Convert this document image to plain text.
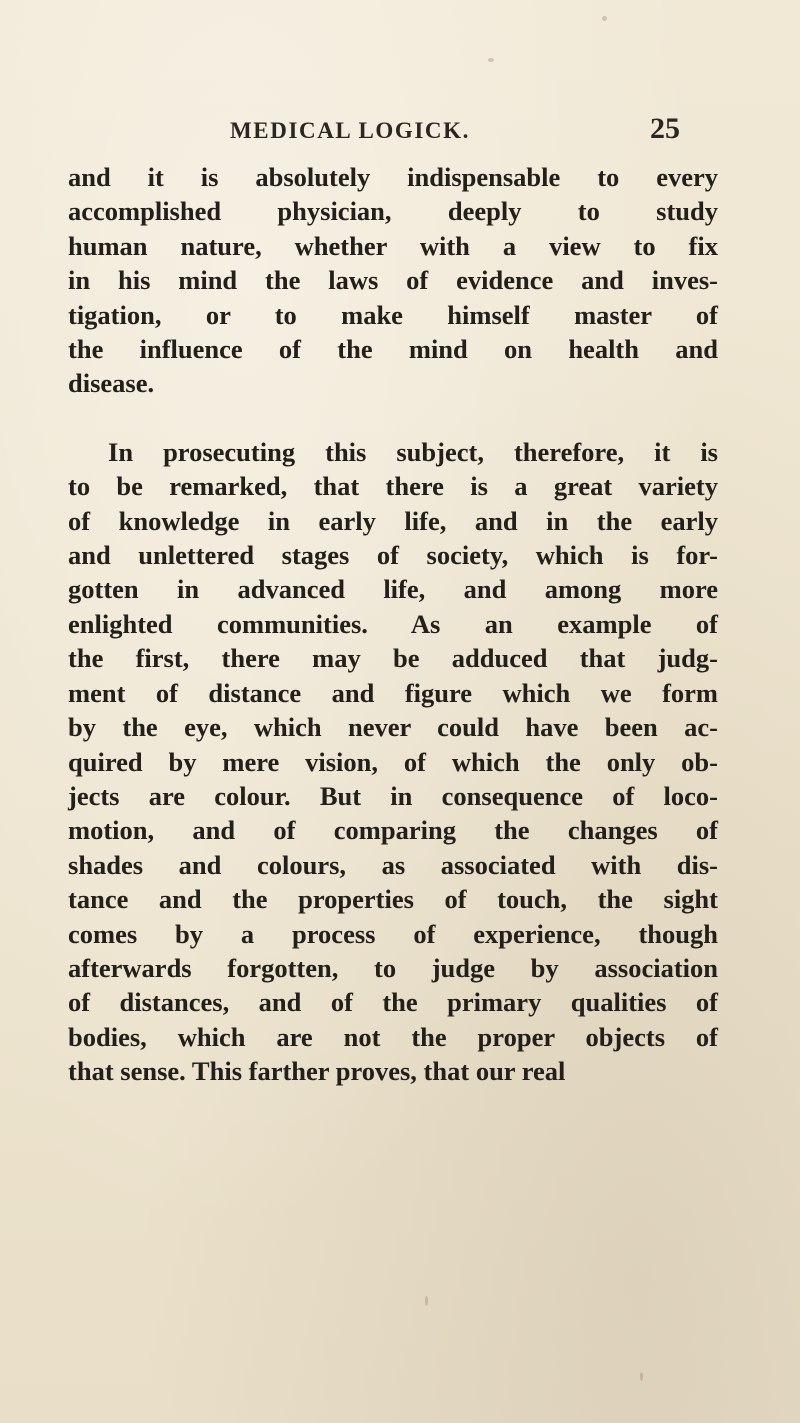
MEDICAL LOGICK.	25
and it is absolutely indispensable to every
accomplished physician, deeply to study
human nature, whether with a view to fix
in his mind the laws of evidence and inves-
tigation, or to make himself master of
the influence of the mind on health and
disease.
In prosecuting this subject, therefore, it is
to be remarked, that there is a great variety
of knowledge in early life, and in the early
and unlettered stages of society, which is for-
gotten in advanced life, and among more
enlighted communities. As an example of
the first, there may be adduced that judg-
ment of distance and figure which we form
by the eye, which never could have been ac-
quired by mere vision, of which the only ob-
jects are colour. But in consequence of loco-
motion, and of comparing the changes of
shades and colours, as associated with dis-
tance and the properties of touch, the sight
comes by a process of experience, though
afterwards forgotten, to judge by association
of distances, and of the primary qualities of
bodies, which are not the proper objects of
that sense. This farther proves, that our real
